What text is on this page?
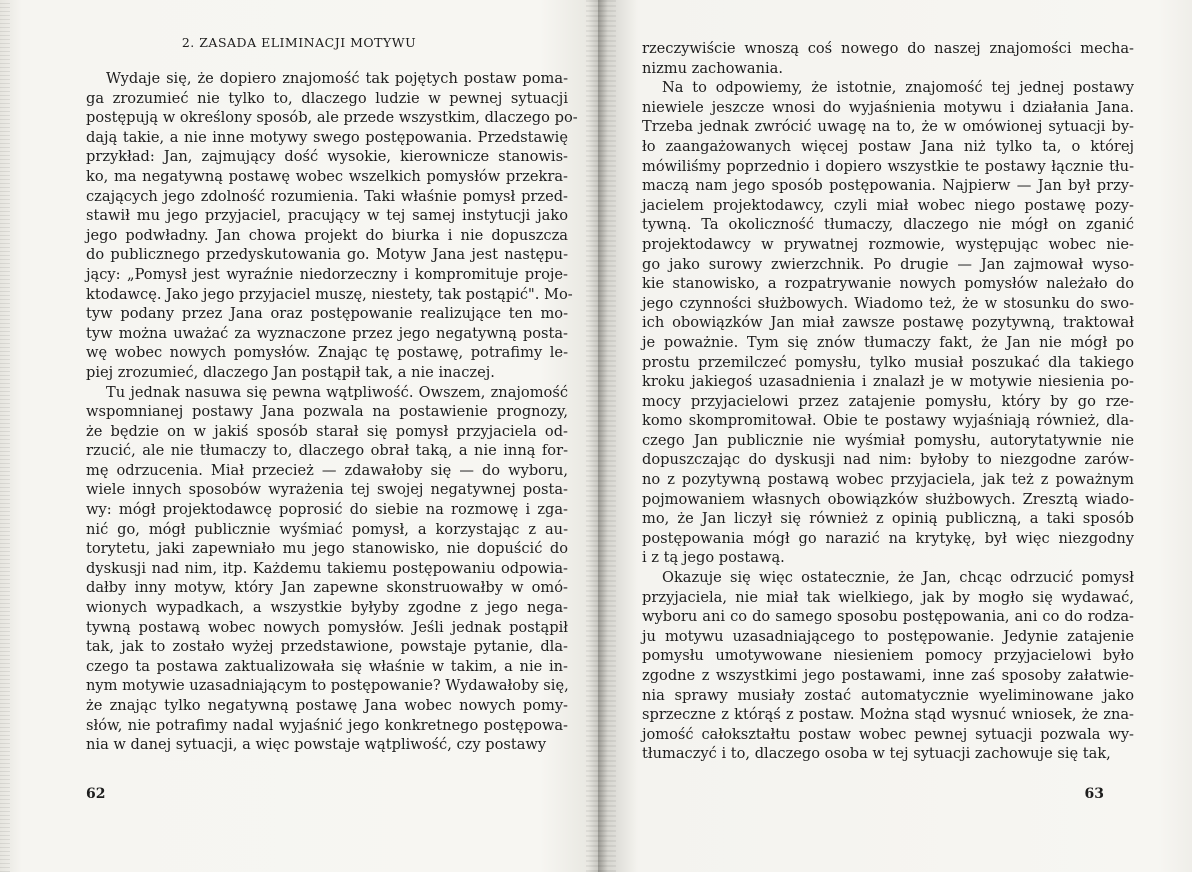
2. ZASADA ELIMINACJI MOTYWU
Wydaje się, że dopiero znajomość tak pojętych postaw poma-
ga zrozumieć nie tylko to, dlaczego ludzie w pewnej sytuacji
postępują w określony sposób, ale przede wszystkim, dlaczego po-
dają takie, a nie inne motywy swego postępowania. Przedstawię
przykład: Jan, zajmujący dość wysokie, kierownicze stanowis-
ko, ma negatywną postawę wobec wszelkich pomysłów przekra-
czających jego zdolność rozumienia. Taki właśnie pomysł przed-
stawił mu jego przyjaciel, pracujący w tej samej instytucji jako
jego podwładny. Jan chowa projekt do biurka i nie dopuszcza
do publicznego przedyskutowania go. Motyw Jana jest następu-
jący: „Pomysł jest wyraźnie niedorzeczny i kompromituje proje-
ktodawcę. Jako jego przyjaciel muszę, niestety, tak postąpić". Mo-
tyw podany przez Jana oraz postępowanie realizujące ten mo-
tyw można uważać za wyznaczone przez jego negatywną posta-
wę wobec nowych pomysłów. Znając tę postawę, potrafimy le-
piej zrozumieć, dlaczego Jan postąpił tak, a nie inaczej.
Tu jednak nasuwa się pewna wątpliwość. Owszem, znajomość
wspomnianej postawy Jana pozwala na postawienie prognozy,
że będzie on w jakiś sposób starał się pomysł przyjaciela od-
rzucić, ale nie tłumaczy to, dlaczego obrał taką, a nie inną for-
mę odrzucenia. Miał przecież — zdawałoby się — do wyboru,
wiele innych sposobów wyrażenia tej swojej negatywnej posta-
wy: mógł projektodawcę poprosić do siebie na rozmowę i zga-
nić go, mógł publicznie wyśmiać pomysł, a korzystając z au-
torytetu, jaki zapewniało mu jego stanowisko, nie dopuścić do
dyskusji nad nim, itp. Każdemu takiemu postępowaniu odpowia-
dałby inny motyw, który Jan zapewne skonstruowałby w omó-
wionych wypadkach, a wszystkie byłyby zgodne z jego nega-
tywną postawą wobec nowych pomysłów. Jeśli jednak postąpił
tak, jak to zostało wyżej przedstawione, powstaje pytanie, dla-
czego ta postawa zaktualizowała się właśnie w takim, a nie in-
nym motywie uzasadniającym to postępowanie? Wydawałoby się,
że znając tylko negatywną postawę Jana wobec nowych pomy-
słów, nie potrafimy nadal wyjaśnić jego konkretnego postępowa-
nia w danej sytuacji, a więc powstaje wątpliwość, czy postawy
62
rzeczywiście wnoszą coś nowego do naszej znajomości mecha-
nizmu zachowania.
Na to odpowiemy, że istotnie, znajomość tej jednej postawy
niewiele jeszcze wnosi do wyjaśnienia motywu i działania Jana.
Trzeba jednak zwrócić uwagę na to, że w omówionej sytuacji by-
ło zaangażowanych więcej postaw Jana niż tylko ta, o której
mówiliśmy poprzednio i dopiero wszystkie te postawy łącznie tłu-
maczą nam jego sposób postępowania. Najpierw — Jan był przy-
jacielem projektodawcy, czyli miał wobec niego postawę pozy-
tywną. Ta okoliczność tłumaczy, dlaczego nie mógł on zganić
projektodawcy w prywatnej rozmowie, występując wobec nie-
go jako surowy zwierzchnik. Po drugie — Jan zajmował wyso-
kie stanowisko, a rozpatrywanie nowych pomysłów należało do
jego czynności służbowych. Wiadomo też, że w stosunku do swo-
ich obowiązków Jan miał zawsze postawę pozytywną, traktował
je poważnie. Tym się znów tłumaczy fakt, że Jan nie mógł po
prostu przemilczeć pomysłu, tylko musiał poszukać dla takiego
kroku jakiegoś uzasadnienia i znalazł je w motywie niesienia po-
mocy przyjacielowi przez zatajenie pomysłu, który by go rze-
komo skompromitował. Obie te postawy wyjaśniają również, dla-
czego Jan publicznie nie wyśmiał pomysłu, autorytatywnie nie
dopuszczając do dyskusji nad nim: byłoby to niezgodne zarów-
no z pozytywną postawą wobec przyjaciela, jak też z poważnym
pojmowaniem własnych obowiązków służbowych. Zresztą wiado-
mo, że Jan liczył się również z opinią publiczną, a taki sposób
postępowania mógł go narazić na krytykę, był więc niezgodny
i z tą jego postawą.
Okazuje się więc ostatecznie, że Jan, chcąc odrzucić pomysł
przyjaciela, nie miał tak wielkiego, jak by mogło się wydawać,
wyboru ani co do samego sposobu postępowania, ani co do rodza-
ju motywu uzasadniającego to postępowanie. Jedynie zatajenie
pomysłu umotywowane niesieniem pomocy przyjacielowi było
zgodne z wszystkimi jego postawami, inne zaś sposoby załatwie-
nia sprawy musiały zostać automatycznie wyeliminowane jako
sprzeczne z którąś z postaw. Można stąd wysnuć wniosek, że zna-
jomość całokształtu postaw wobec pewnej sytuacji pozwala wy-
tłumaczyć i to, dlaczego osoba w tej sytuacji zachowuje się tak,
63
